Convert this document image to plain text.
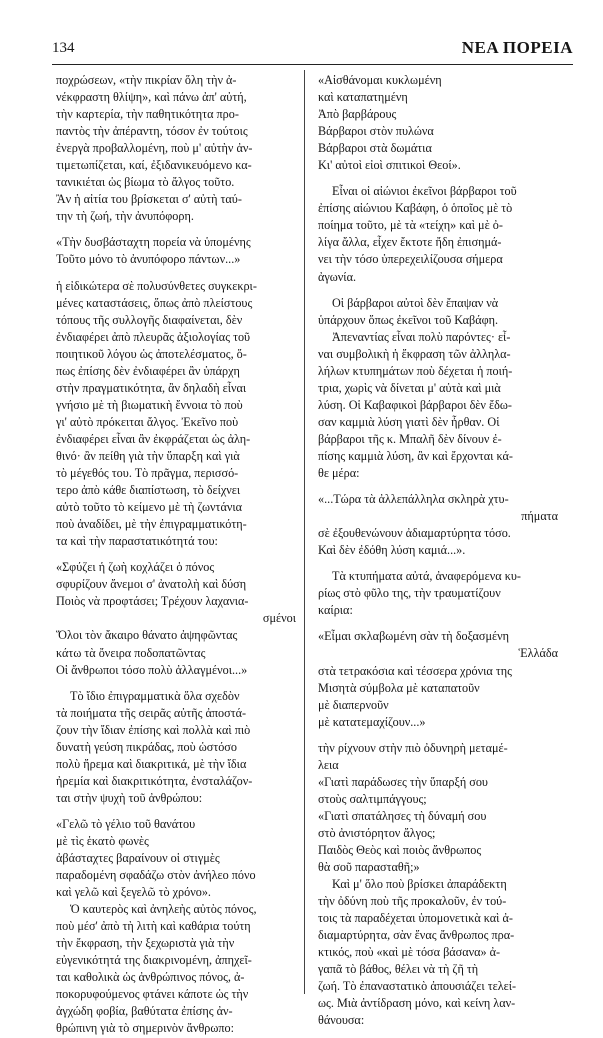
134	ΝΕΑ ΠΟΡΕΙΑ

ποχρώσεων, «τὴν πικρίαν ὅλη τὴν ἀ-

νέκφραστη θλίψη», καὶ πάνω ἀπ' αὐτή,

τὴν καρτερία, τὴν παθητικότητα προ-

παντὸς τὴν ἀπέραντη, τόσον ἐν τούτοις

ἐνεργὰ προβαλλομένη, ποὺ μ' αὐτὴν ἀν-

τιμετωπίζεται, καί, ἐξιδανικευόμενο κα-

τανικιέται ὡς βίωμα τὸ ἄλγος τοῦτο.

Ἂν ἡ αἰτία του βρίσκεται σ' αὐτὴ ταύ-

την τὴ ζωή, τὴν ἀνυπόφορη.

«Τὴν δυσβάσταχτη πορεία νὰ ὑπομένης

Τοῦτο μόνο τὸ ἀνυπόφορο πάντων...»

ἡ εἰδικώτερα σὲ πολυσύνθετες συγκεκρι-

μένες καταστάσεις, ὅπως ἀπὸ πλείστους

τόπους τῆς συλλογῆς διαφαίνεται, δὲν

ἐνδιαφέρει ἀπὸ πλευρᾶς ἀξιολογίας τοῦ

ποιητικοῦ λόγου ὡς ἀποτελέσματος, ὅ-

πως ἐπίσης δὲν ἐνδιαφέρει ἂν ὑπάρχη

στὴν πραγματικότητα, ἂν δηλαδὴ εἶναι

γνήσιο μὲ τὴ βιωματικὴ ἔννοια τὸ ποὺ

γι' αὐτὸ πρόκειται ἄλγος. Ἐκεῖνο ποὺ

ἐνδιαφέρει εἶναι ἂν ἐκφράζεται ὡς ἀλη-

θινό· ἂν πείθη γιὰ τὴν ὕπαρξη καὶ γιὰ

τὸ μέγεθός του. Τὸ πρᾶγμα, περισσό-

τερο ἀπὸ κάθε διαπίστωση, τὸ δείχνει

αὐτὸ τοῦτο τὸ κείμενο μὲ τὴ ζωντάνια

ποὺ ἀναδίδει, μὲ τὴν ἐπιγραμματικότη-

τα καὶ τὴν παραστατικότητά του:

«Σφύζει ἡ ζωὴ κοχλάζει ὁ πόνος

σφυρίζουν ἄνεμοι σ' ἀνατολὴ καὶ δύση

Ποιὸς νὰ προφτάσει; Τρέχουν λαχανια-

σμένοι

Ὅλοι τὸν ἄκαιρο θάνατο ἀψηφῶντας

κάτω τὰ ὄνειρα ποδοπατῶντας

Οἱ ἄνθρωποι τόσο πολὺ ἀλλαγμένοι...»

Τὸ ἴδιο ἐπιγραμματικὰ ὅλα σχεδὸν

τὰ ποιήματα τῆς σειρᾶς αὐτῆς ἀποστά-

ζουν τὴν ἴδιαν ἐπίσης καὶ πολλὰ καὶ πιὸ

δυνατὴ γεύση πικράδας, ποὺ ὡστόσο

πολὺ ἤρεμα καὶ διακριτικά, μὲ τὴν ἴδια

ἠρεμία καὶ διακριτικότητα, ἐνσταλάζον-

ται στὴν ψυχὴ τοῦ ἀνθρώπου:

«Γελῶ τὸ γέλιο τοῦ θανάτου

μὲ τὶς ἑκατὸ φωνὲς

ἀβάσταχτες βαραίνουν οἱ στιγμὲς

παραδομένη σφαδάζω στὸν ἀνήλεο πόνο

καὶ γελῶ καὶ ξεγελῶ τὸ χρόνο».

Ὁ καυτερὸς καὶ ἀνηλεὴς αὐτὸς πόνος,

ποὺ μέσ' ἀπὸ τὴ λιτὴ καὶ καθάρια τούτη

τὴν ἔκφραση, τὴν ξεχωριστὰ γιὰ τὴν

εὐγενικότητά της διακρινομένη, ἀπηχεῖ-

ται καθολικὰ ὡς ἀνθρώπινος πόνος, ἀ-

ποκορυφούμενος φτάνει κάποτε ὡς τὴν

ἀγχώδη φοβία, βαθύτατα ἐπίσης ἀν-

θρώπινη γιὰ τὸ σημερινὸν ἄνθρωπο:

«Αἰσθάνομαι κυκλωμένη

καὶ καταπατημένη

Ἀπὸ βαρβάρους

Βάρβαροι στὸν πυλώνα

Βάρβαροι στὰ δωμάτια

Κι' αὐτοὶ εἰοὶ σπιτικοὶ Θεοί».

Εἶναι οἱ αἰώνιοι ἐκεῖνοι βάρβαροι τοῦ

ἐπίσης αἰώνιου Καβάφη, ὁ ὁποῖος μὲ τὸ

ποίημα τοῦτο, μὲ τὰ «τείχη» καὶ μὲ ὀ-

λίγα ἄλλα, εἶχεν ἔκτοτε ἤδη ἐπισημά-

νει τὴν τόσο ὑπερεχειλίζουσα σήμερα

ἀγωνία.

Οἱ βάρβαροι αὐτοὶ δὲν ἔπαψαν νὰ

ὑπάρχουν ὅπως ἐκεῖνοι τοῦ Καβάφη.

Ἀπεναντίας εἶναι πολὺ παρόντες· εἶ-

ναι συμβολικὴ ἡ ἔκφραση τῶν ἀλληλα-

λήλων κτυπημάτων ποὺ δέχεται ἡ ποιή-

τρια, χωρὶς νὰ δίνεται μ' αὐτὰ καὶ μιὰ

λύση. Οἱ Καβαφικοὶ βάρβαροι δὲν ἔδω-

σαν καμμιὰ λύση γιατὶ δὲν ἦρθαν. Οἱ

βάρβαροι τῆς κ. Μπαλῆ δὲν δίνουν ἐ-

πίσης καμμιὰ λύση, ἂν καὶ ἔρχονται κά-

θε μέρα:

«...Τώρα τὰ ἀλλεπάλληλα σκληρὰ χτυ-

πήματα

σὲ ἐξουθενώνουν ἀδιαμαρτύρητα τόσο.

Καὶ δὲν ἐδόθη λύση καμιά...».

Τὰ κτυπήματα αὐτά, ἀναφερόμενα κυ-

ρίως στὸ φῦλο της, τὴν τραυματίζουν

καίρια:

«Εἶμαι σκλαβωμένη σὰν τὴ δοξασμένη

Ἑλλάδα

στὰ τετρακόσια καὶ τέσσερα χρόνια της

Μισητὰ σύμβολα μὲ καταπατοῦν

μὲ διαπερνοῦν

μὲ κατατεμαχίζουν...»

τὴν ρίχνουν στὴν πιὸ ὀδυνηρὴ μεταμέ-

λεια

«Γιατὶ παράδωσες τὴν ὕπαρξή σου

στοὺς σαλτιμπάγγους;

«Γιατὶ σπατάλησες τὴ δύναμή σου

στὸ ἀνιστόρητον ἄλγος;

Παιδὸς Θεὸς καὶ ποιὸς ἄνθρωπος

θὰ σοῦ παρασταθῆ;»

Καὶ μ' ὅλο ποὺ βρίσκει ἀπαράδεκτη

τὴν ὀδύνη ποὺ τῆς προκαλοῦν, ἐν τού-

τοις τὰ παραδέχεται ὑπομονετικὰ καὶ ἀ-

διαμαρτύρητα, σὰν ἕνας ἄνθρωπος πρα-

κτικός, ποὺ «καὶ μὲ τόσα βάσανα» ἀ-

γαπᾶ τὸ βάθος, θέλει νὰ τὴ ζῆ τὴ

ζωή. Τὸ ἐπαναστατικὸ ἀπουσιάζει τελεί-

ως. Μιὰ ἀντίδραση μόνο, καὶ κείνη λαν-

θάνουσα:
